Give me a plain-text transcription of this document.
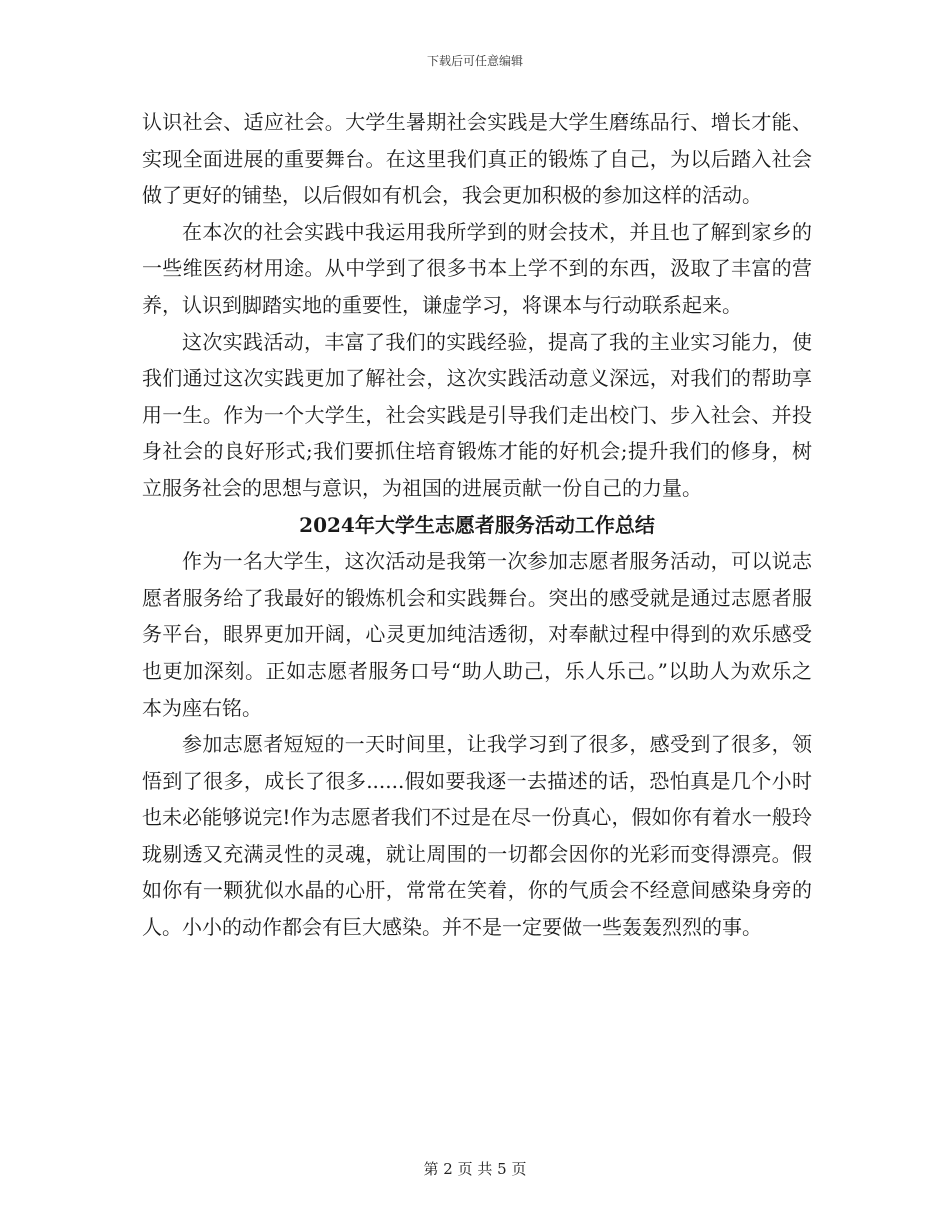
下载后可任意编辑

认识社会、适应社会。大学生暑期社会实践是大学生磨练品行、增长才能、实现全面进展的重要舞台。在这里我们真正的锻炼了自己，为以后踏入社会做了更好的铺垫，以后假如有机会，我会更加积极的参加这样的活动。

在本次的社会实践中我运用我所学到的财会技术，并且也了解到家乡的一些维医药材用途。从中学到了很多书本上学不到的东西，汲取了丰富的营养，认识到脚踏实地的重要性，谦虚学习，将课本与行动联系起来。

这次实践活动，丰富了我们的实践经验，提高了我的主业实习能力，使我们通过这次实践更加了解社会，这次实践活动意义深远，对我们的帮助享用一生。作为一个大学生，社会实践是引导我们走出校门、步入社会、并投身社会的良好形式;我们要抓住培育锻炼才能的好机会;提升我们的修身，树立服务社会的思想与意识，为祖国的进展贡献一份自己的力量。

2024年大学生志愿者服务活动工作总结

作为一名大学生，这次活动是我第一次参加志愿者服务活动，可以说志愿者服务给了我最好的锻炼机会和实践舞台。突出的感受就是通过志愿者服务平台，眼界更加开阔，心灵更加纯洁透彻，对奉献过程中得到的欢乐感受也更加深刻。正如志愿者服务口号“助人助己，乐人乐己。”以助人为欢乐之本为座右铭。

参加志愿者短短的一天时间里，让我学习到了很多，感受到了很多，领悟到了很多，成长了很多......假如要我逐一去描述的话，恐怕真是几个小时也未必能够说完!作为志愿者我们不过是在尽一份真心，假如你有着水一般玲珑剔透又充满灵性的灵魂，就让周围的一切都会因你的光彩而变得漂亮。假如你有一颗犹似水晶的心肝，常常在笑着，你的气质会不经意间感染身旁的人。小小的动作都会有巨大感染。并不是一定要做一些轰轰烈烈的事。

第 2 页 共 5 页
